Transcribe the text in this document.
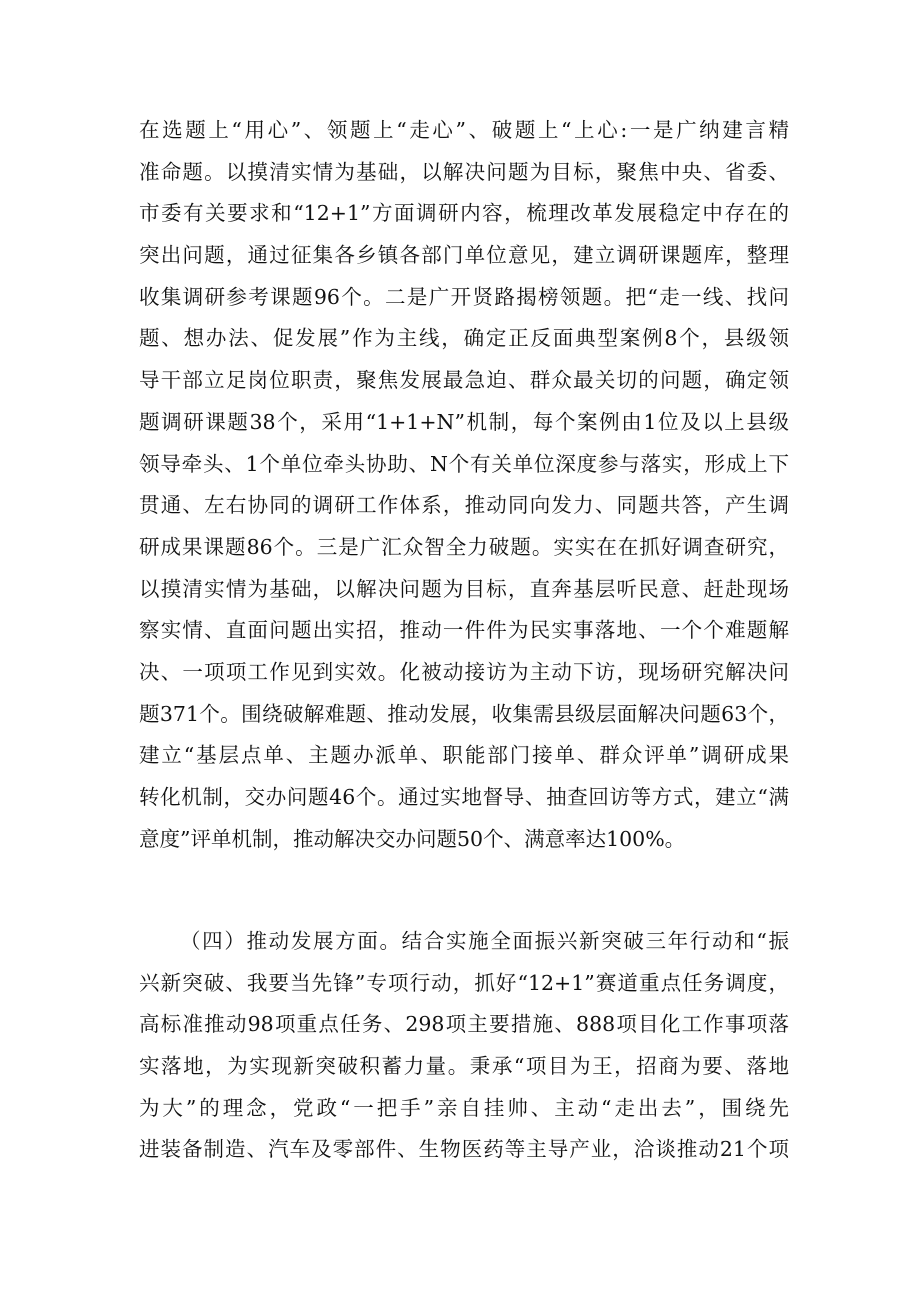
在选题上“用心”、领题上“走心”、破题上“上心:一是广纳建言精
准命题。以摸清实情为基础，以解决问题为目标，聚焦中央、省委、
市委有关要求和“12+1”方面调研内容，梳理改革发展稳定中存在的
突出问题，通过征集各乡镇各部门单位意见，建立调研课题库，整理
收集调研参考课题96个。二是广开贤路揭榜领题。把“走一线、找问
题、想办法、促发展”作为主线，确定正反面典型案例8个，县级领
导干部立足岗位职责，聚焦发展最急迫、群众最关切的问题，确定领
题调研课题38个，采用“1+1+N”机制，每个案例由1位及以上县级
领导牵头、1个单位牵头协助、N个有关单位深度参与落实，形成上下
贯通、左右协同的调研工作体系，推动同向发力、同题共答，产生调
研成果课题86个。三是广汇众智全力破题。实实在在抓好调查研究，
以摸清实情为基础，以解决问题为目标，直奔基层听民意、赶赴现场
察实情、直面问题出实招，推动一件件为民实事落地、一个个难题解
决、一项项工作见到实效。化被动接访为主动下访，现场研究解决问
题371个。围绕破解难题、推动发展，收集需县级层面解决问题63个，
建立“基层点单、主题办派单、职能部门接单、群众评单”调研成果
转化机制，交办问题46个。通过实地督导、抽查回访等方式，建立“满
意度”评单机制，推动解决交办问题50个、满意率达100%。
（四）推动发展方面。结合实施全面振兴新突破三年行动和“振
兴新突破、我要当先锋”专项行动，抓好“12+1”赛道重点任务调度，
高标准推动98项重点任务、298项主要措施、888项目化工作事项落
实落地，为实现新突破积蓄力量。秉承“项目为王，招商为要、落地
为大”的理念，党政“一把手”亲自挂帅、主动“走出去”，围绕先
进装备制造、汽车及零部件、生物医药等主导产业，洽谈推动21个项
